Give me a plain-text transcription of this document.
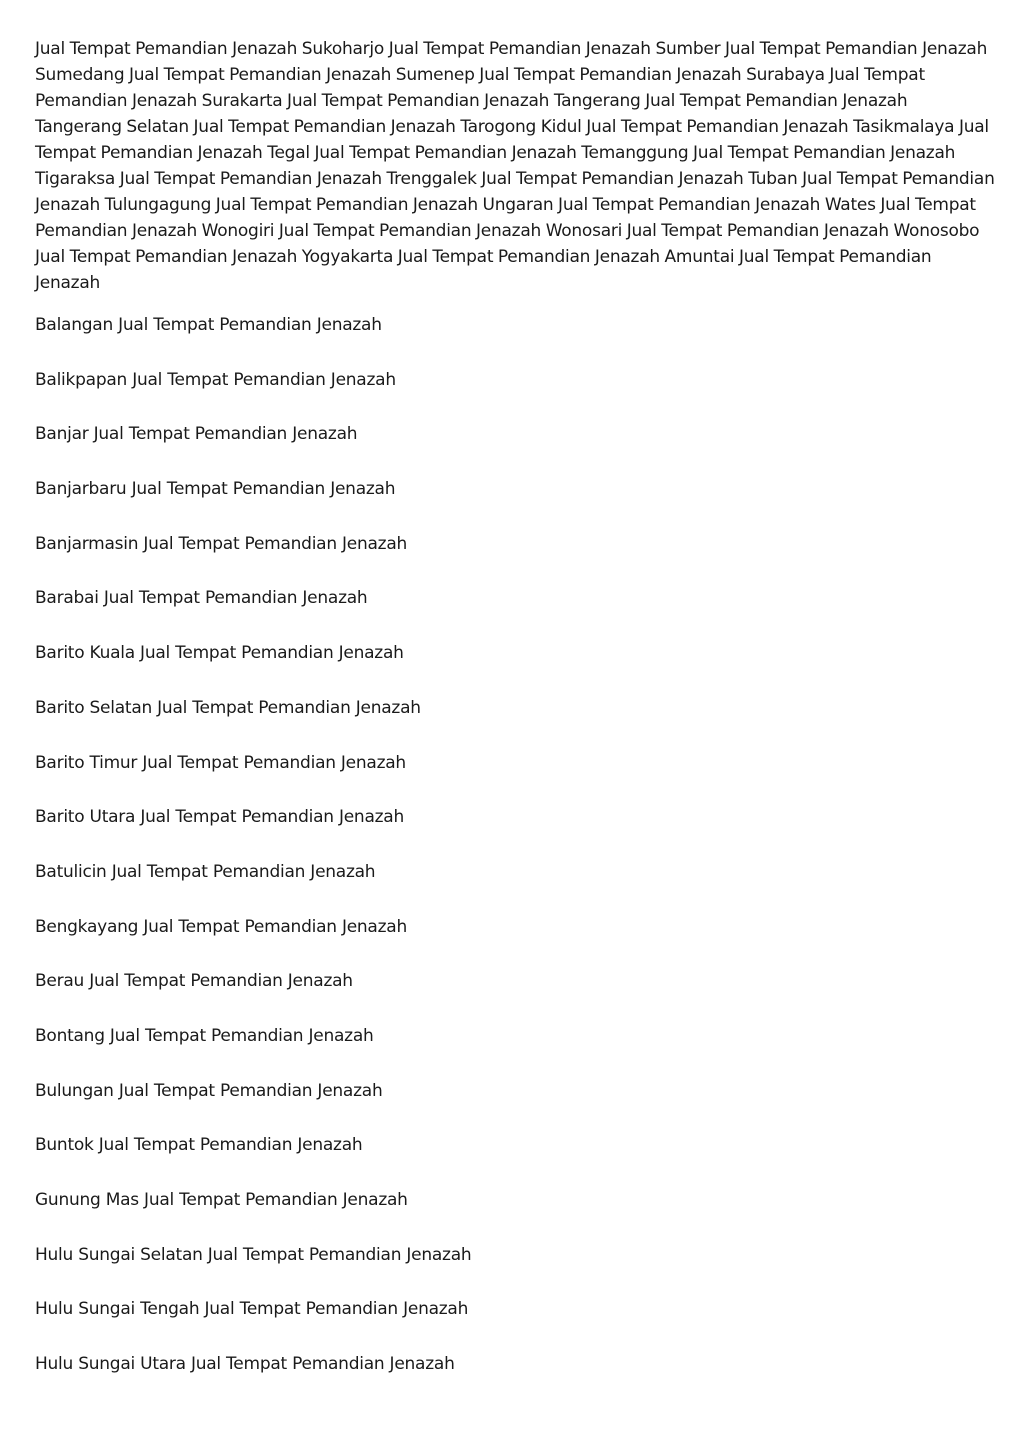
Jual Tempat Pemandian Jenazah Sukoharjo Jual Tempat Pemandian Jenazah Sumber Jual Tempat Pemandian Jenazah Sumedang Jual Tempat Pemandian Jenazah Sumenep Jual Tempat Pemandian Jenazah Surabaya Jual Tempat Pemandian Jenazah Surakarta Jual Tempat Pemandian Jenazah Tangerang Jual Tempat Pemandian Jenazah Tangerang Selatan Jual Tempat Pemandian Jenazah Tarogong Kidul Jual Tempat Pemandian Jenazah Tasikmalaya Jual Tempat Pemandian Jenazah Tegal Jual Tempat Pemandian Jenazah Temanggung Jual Tempat Pemandian Jenazah Tigaraksa Jual Tempat Pemandian Jenazah Trenggalek Jual Tempat Pemandian Jenazah Tuban Jual Tempat Pemandian Jenazah Tulungagung Jual Tempat Pemandian Jenazah Ungaran Jual Tempat Pemandian Jenazah Wates Jual Tempat Pemandian Jenazah Wonogiri Jual Tempat Pemandian Jenazah Wonosari Jual Tempat Pemandian Jenazah Wonosobo Jual Tempat Pemandian Jenazah Yogyakarta Jual Tempat Pemandian Jenazah Amuntai Jual Tempat Pemandian Jenazah

Balangan Jual Tempat Pemandian Jenazah
Balikpapan Jual Tempat Pemandian Jenazah
Banjar Jual Tempat Pemandian Jenazah
Banjarbaru Jual Tempat Pemandian Jenazah
Banjarmasin Jual Tempat Pemandian Jenazah
Barabai Jual Tempat Pemandian Jenazah
Barito Kuala Jual Tempat Pemandian Jenazah
Barito Selatan Jual Tempat Pemandian Jenazah
Barito Timur Jual Tempat Pemandian Jenazah
Barito Utara Jual Tempat Pemandian Jenazah
Batulicin Jual Tempat Pemandian Jenazah
Bengkayang Jual Tempat Pemandian Jenazah
Berau Jual Tempat Pemandian Jenazah
Bontang Jual Tempat Pemandian Jenazah
Bulungan Jual Tempat Pemandian Jenazah
Buntok Jual Tempat Pemandian Jenazah
Gunung Mas Jual Tempat Pemandian Jenazah
Hulu Sungai Selatan Jual Tempat Pemandian Jenazah
Hulu Sungai Tengah Jual Tempat Pemandian Jenazah
Hulu Sungai Utara Jual Tempat Pemandian Jenazah
